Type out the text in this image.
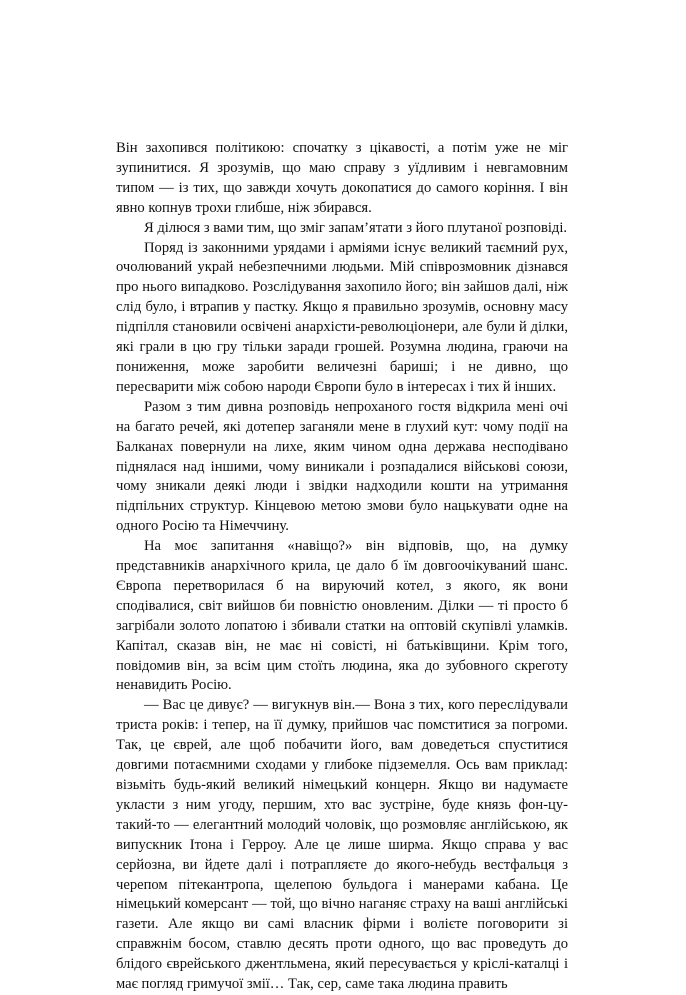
Він захопився політикою: спочатку з цікавості, а потім уже не міг зупинитися. Я зрозумів, що маю справу з уїдливим і невгамовним типом — із тих, що завжди хочуть докопатися до самого коріння. І він явно копнув трохи глибше, ніж збирався.

Я ділюся з вами тим, що зміг запам’ятати з його плутаної розповіді.

Поряд із законними урядами і арміями існує великий таємний рух, очолюваний украй небезпечними людьми. Мій співрозмовник дізнався про нього випадково. Розслідування захопило його; він зайшов далі, ніж слід було, і втрапив у пастку. Якщо я правильно зрозумів, основну масу підпілля становили освічені анархісти-революціонери, але були й ділки, які грали в цю гру тільки заради грошей. Розумна людина, граючи на пониження, може заробити величезні бариші; і не дивно, що пересварити між собою народи Європи було в інтересах і тих й інших.

Разом з тим дивна розповідь непроханого гостя відкрила мені очі на багато речей, які дотепер заганяли мене в глухий кут: чому події на Балканах повернули на лихе, яким чином одна держава несподівано піднялася над іншими, чому виникали і розпадалися військові союзи, чому зникали деякі люди і звідки надходили кошти на утримання підпільних структур. Кінцевою метою змови було нацькувати одне на одного Росію та Німеччину.

На моє запитання «навіщо?» він відповів, що, на думку представників анархічного крила, це дало б їм довгоочікуваний шанс. Європа перетворилася б на вируючий котел, з якого, як вони сподівалися, світ вийшов би повністю оновленим. Ділки — ті просто б загрібали золото лопатою і збивали статки на оптовій скупівлі уламків. Капітал, сказав він, не має ні совісті, ні батьківщини. Крім того, повідомив він, за всім цим стоїть людина, яка до зубовного скреготу ненавидить Росію.

— Вас це дивує? — вигукнув він.— Вона з тих, кого переслідували триста років: і тепер, на її думку, прийшов час помститися за погроми. Так, це єврей, але щоб побачити його, вам доведеться спуститися довгими потаємними сходами у глибоке підземелля. Ось вам приклад: візьміть будь-який великий німецький концерн. Якщо ви надумаєте укласти з ним угоду, першим, хто вас зустріне, буде князь фон-цу-такий-то — елегантний молодий чоловік, що розмовляє англійською, як випускник Ітона і Герроу. Але це лише ширма. Якщо справа у вас серйозна, ви йдете далі і потрапляєте до якого-небудь вестфальця з черепом пітекантропа, щелепою бульдога і манерами кабана. Це німецький комерсант — той, що вічно наганяє страху на ваші англійські газети. Але якщо ви самі власник фірми і волієте поговорити зі справжнім босом, ставлю десять проти одного, що вас проведуть до блідого єврейського джентльмена, який пересувається у кріслі-каталці і має погляд гримучої змії… Так, сер, саме така людина править
